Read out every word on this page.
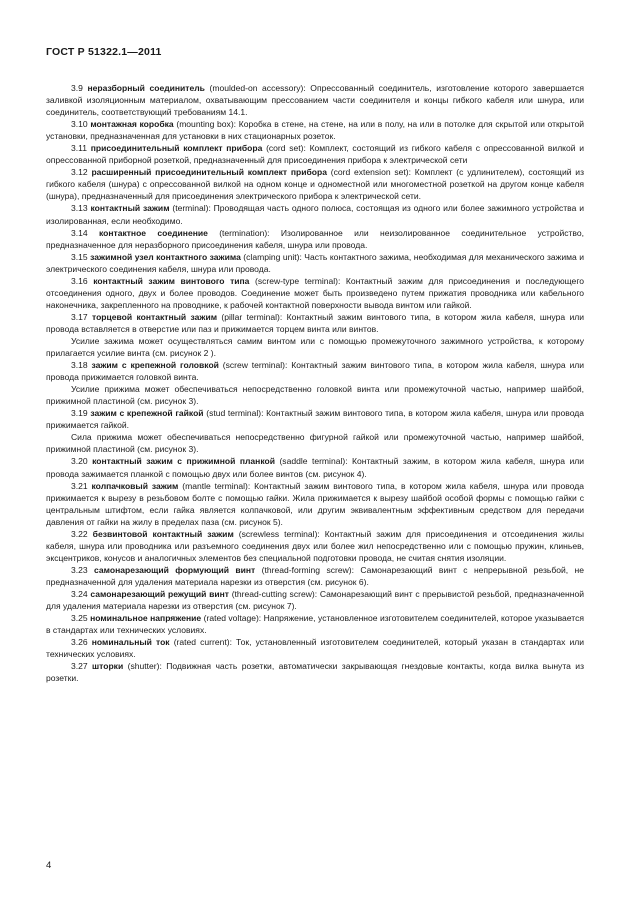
ГОСТ Р 51322.1—2011

3.9 неразборный соединитель (moulded-on accessory): Опрессованный соединитель, изготовление которого завершается заливкой изоляционным материалом, охватывающим прессованием части соединителя и концы гибкого кабеля или шнура, или соединитель, соответствующий требованиям 14.1.

3.10 монтажная коробка (mounting box): Коробка в стене, на стене, на или в полу, на или в потолке для скрытой или открытой установки, предназначенная для установки в них стационарных розеток.

3.11 присоединительный комплект прибора (cord set): Комплект, состоящий из гибкого кабеля с опрессованной вилкой и опрессованной приборной розеткой, предназначенный для присоединения прибора к электрической сети

3.12 расширенный присоединительный комплект прибора (cord extension set): Комплект (с удлинителем), состоящий из гибкого кабеля (шнура) с опрессованной вилкой на одном конце и одноместной или многоместной розеткой на другом конце кабеля (шнура), предназначенный для присоединения электрического прибора к электрической сети.

3.13 контактный зажим (terminal): Проводящая часть одного полюса, состоящая из одного или более зажимного устройства и изолированная, если необходимо.

3.14 контактное соединение (termination): Изолированное или неизолированное соединительное устройство, предназначенное для неразборного присоединения кабеля, шнура или провода.

3.15 зажимной узел контактного зажима (clamping unit): Часть контактного зажима, необходимая для механического зажима и электрического соединения кабеля, шнура или провода.

3.16 контактный зажим винтового типа (screw-type terminal): Контактный зажим для присоединения и последующего отсоединения одного, двух и более проводов. Соединение может быть произведено путем прижатия проводника или кабельного наконечника, закрепленного на проводнике, к рабочей контактной поверхности вывода винтом или гайкой.

3.17 торцевой контактный зажим (pillar terminal): Контактный зажим винтового типа, в котором жила кабеля, шнура или провода вставляется в отверстие или паз и прижимается торцем винта или винтов.

Усилие зажима может осуществляться самим винтом или с помощью промежуточного зажимного устройства, к которому прилагается усилие винта (см. рисунок 2 ).

3.18 зажим с крепежной головкой (screw terminal): Контактный зажим винтового типа, в котором жила кабеля, шнура или провода прижимается головкой винта.

Усилие прижима может обеспечиваться непосредственно головкой винта или промежуточной частью, например шайбой, прижимной пластиной (см. рисунок 3).

3.19 зажим с крепежной гайкой (stud terminal): Контактный зажим винтового типа, в котором жила кабеля, шнура или провода прижимается гайкой.

Сила прижима может обеспечиваться непосредственно фигурной гайкой или промежуточной частью, например шайбой, прижимной пластиной (см. рисунок 3).

3.20 контактный зажим с прижимной планкой (saddle terminal): Контактный зажим, в котором жила кабеля, шнура или провода зажимается планкой с помощью двух или более винтов (см. рисунок 4).

3.21 колпачковый зажим (mantle terminal): Контактный зажим винтового типа, в котором жила кабеля, шнура или провода прижимается к вырезу в резьбовом болте с помощью гайки. Жила прижимается к вырезу шайбой особой формы с помощью гайки с центральным штифтом, если гайка является колпачковой, или другим эквивалентным эффективным средством для передачи давления от гайки на жилу в пределах паза (см. рисунок 5).

3.22 безвинтовой контактный зажим (screwless terminal): Контактный зажим для присоединения и отсоединения жилы кабеля, шнура или проводника или разъемного соединения двух или более жил непосредственно или с помощью пружин, клиньев, эксцентриков, конусов и аналогичных элементов без специальной подготовки провода, не считая снятия изоляции.

3.23 самонарезающий формующий винт (thread-forming screw): Самонарезающий винт с непрерывной резьбой, не предназначенной для удаления материала нарезки из отверстия (см. рисунок 6).

3.24 самонарезающий режущий винт (thread-cutting screw): Самонарезающий винт с прерывистой резьбой, предназначенной для удаления материала нарезки из отверстия (см. рисунок 7).

3.25 номинальное напряжение (rated voltage): Напряжение, установленное изготовителем соединителей, которое указывается в стандартах или технических условиях.

3.26 номинальный ток (rated current): Ток, установленный изготовителем соединителей, который указан в стандартах или технических условиях.

3.27 шторки (shutter): Подвижная часть розетки, автоматически закрывающая гнездовые контакты, когда вилка вынута из розетки.

4
